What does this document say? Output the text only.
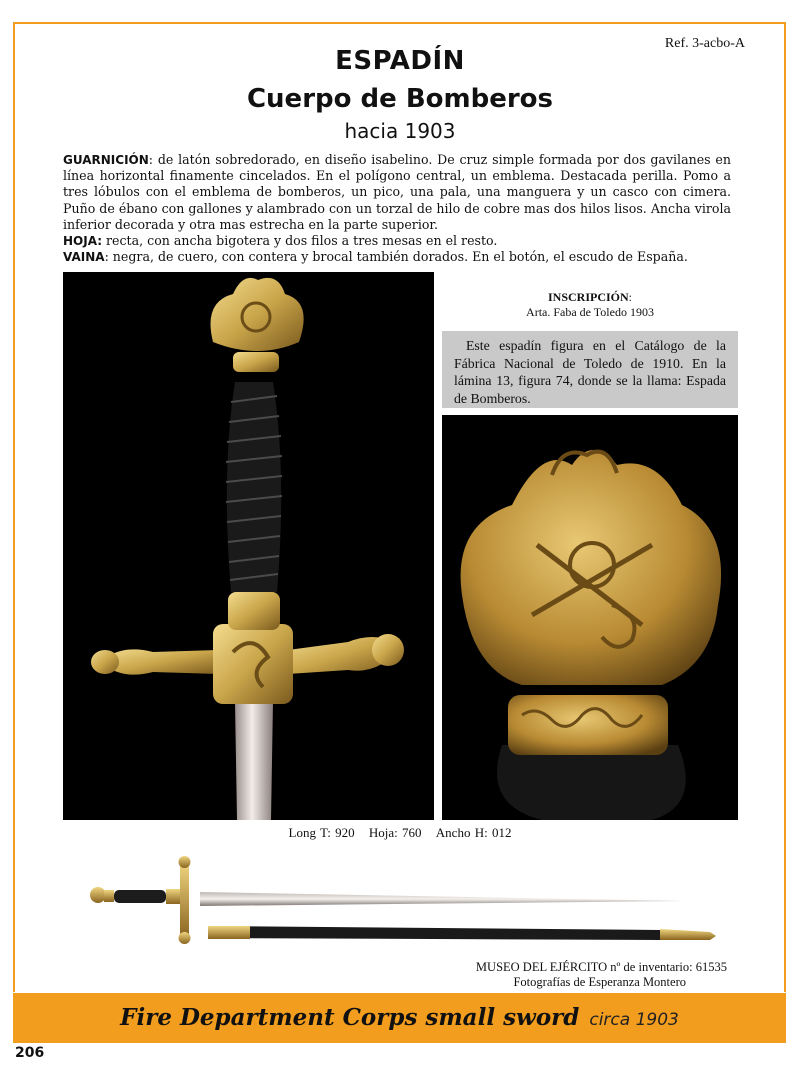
Ref. 3-acbo-A
ESPADÍN
Cuerpo de Bomberos
hacia 1903

GUARNICIÓN: de latón sobredorado, en diseño isabelino. De cruz simple formada por dos gavilanes en línea horizontal finamente cincelados. En el polígono central, un emblema. Destacada perilla. Pomo a tres lóbulos con el emblema de bomberos, un pico, una pala, una manguera y un casco con cimera. Puño de ébano con gallones y alambrado con un torzal de hilo de cobre mas dos hilos lisos. Ancha virola inferior decorada y otra mas estrecha en la parte superior.

HOJA: recta, con ancha bigotera y dos filos a tres mesas en el resto.

VAINA: negra, de cuero, con contera y brocal también dorados. En el botón, el escudo de España.

INSCRIPCIÓN:
Arta. Faba de Toledo 1903
Este espadín figura en el Catálogo de la Fábrica Nacional de Toledo de 1910. En la lámina 13, figura 74, donde se la llama: Espada de Bomberos.
Long T: 920 Hoja: 760 Ancho H: 012
MUSEO DEL EJÉRCITO nº de inventario: 61535
Fotografías de Esperanza Montero
Fire Department Corps small sword circa 1903
206
